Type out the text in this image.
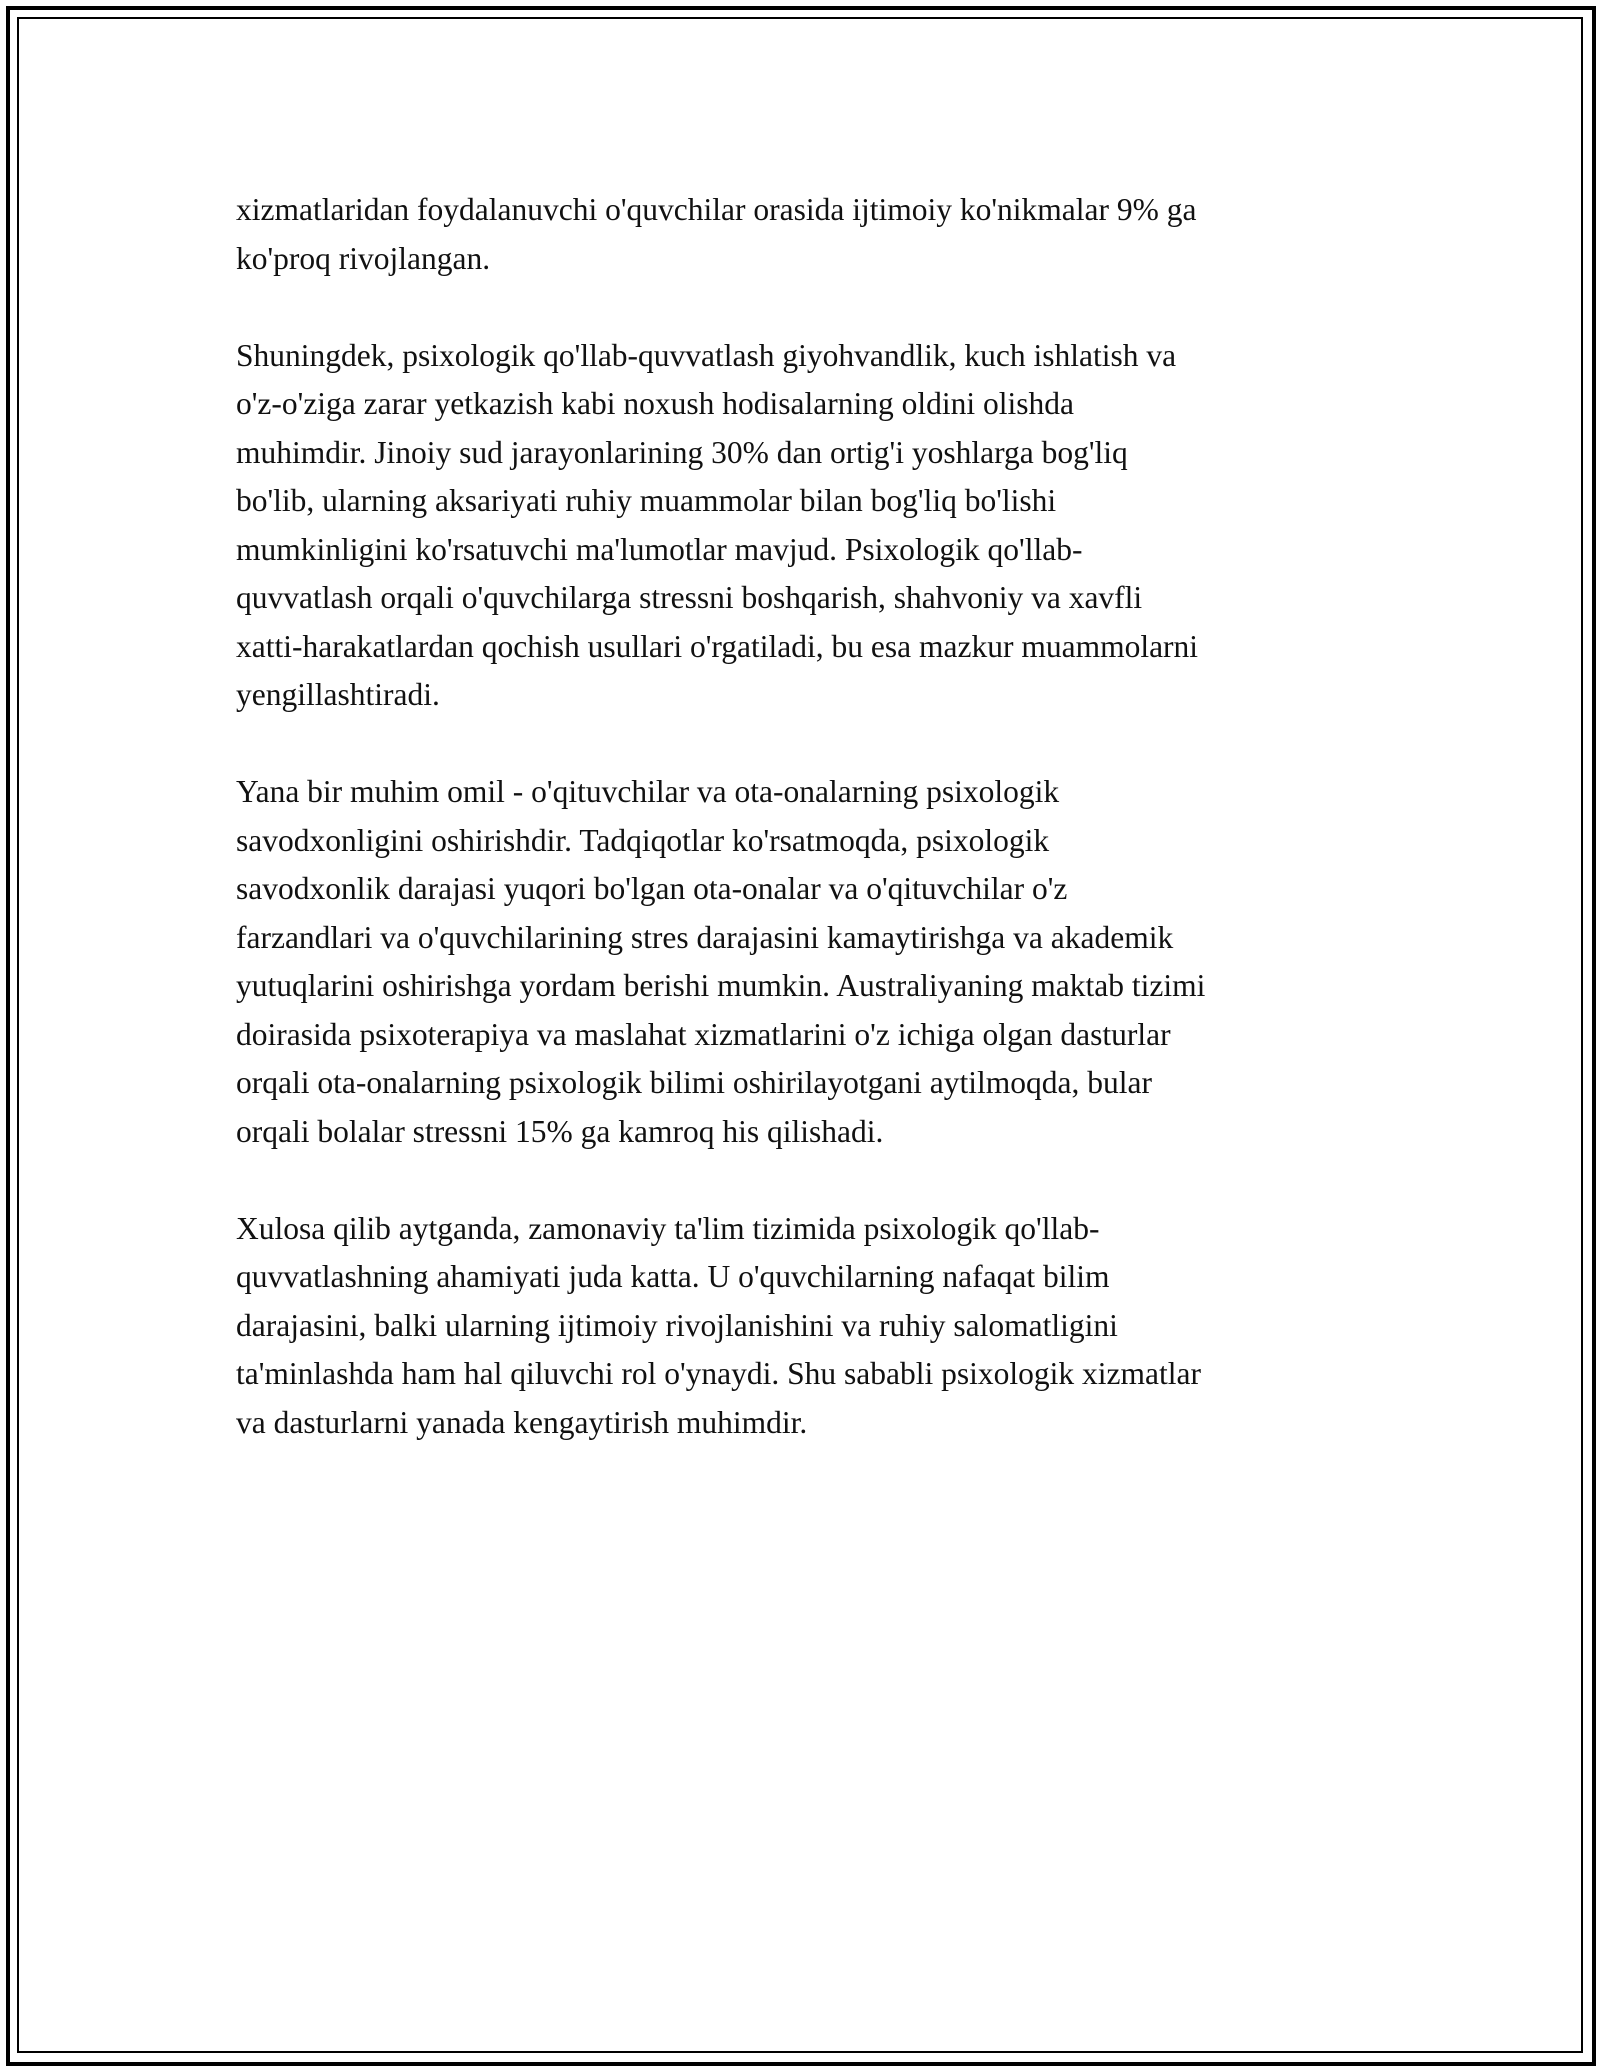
xizmatlaridan foydalanuvchi o'quvchilar orasida ijtimoiy ko'nikmalar 9% ga
ko'proq rivojlangan.

Shuningdek, psixologik qo'llab-quvvatlash giyohvandlik, kuch ishlatish va
o'z-o'ziga zarar yetkazish kabi noxush hodisalarning oldini olishda
muhimdir. Jinoiy sud jarayonlarining 30% dan ortig'i yoshlarga bog'liq
bo'lib, ularning aksariyati ruhiy muammolar bilan bog'liq bo'lishi
mumkinligini ko'rsatuvchi ma'lumotlar mavjud. Psixologik qo'llab-
quvvatlash orqali o'quvchilarga stressni boshqarish, shahvoniy va xavfli
xatti-harakatlardan qochish usullari o'rgatiladi, bu esa mazkur muammolarni
yengillashtiradi.

Yana bir muhim omil - o'qituvchilar va ota-onalarning psixologik
savodxonligini oshirishdir. Tadqiqotlar ko'rsatmoqda, psixologik
savodxonlik darajasi yuqori bo'lgan ota-onalar va o'qituvchilar o'z
farzandlari va o'quvchilarining stres darajasini kamaytirishga va akademik
yutuqlarini oshirishga yordam berishi mumkin. Australiyaning maktab tizimi
doirasida psixoterapiya va maslahat xizmatlarini o'z ichiga olgan dasturlar
orqali ota-onalarning psixologik bilimi oshirilayotgani aytilmoqda, bular
orqali bolalar stressni 15% ga kamroq his qilishadi.

Xulosa qilib aytganda, zamonaviy ta'lim tizimida psixologik qo'llab-
quvvatlashning ahamiyati juda katta. U o'quvchilarning nafaqat bilim
darajasini, balki ularning ijtimoiy rivojlanishini va ruhiy salomatligini
ta'minlashda ham hal qiluvchi rol o'ynaydi. Shu sababli psixologik xizmatlar
va dasturlarni yanada kengaytirish muhimdir.
